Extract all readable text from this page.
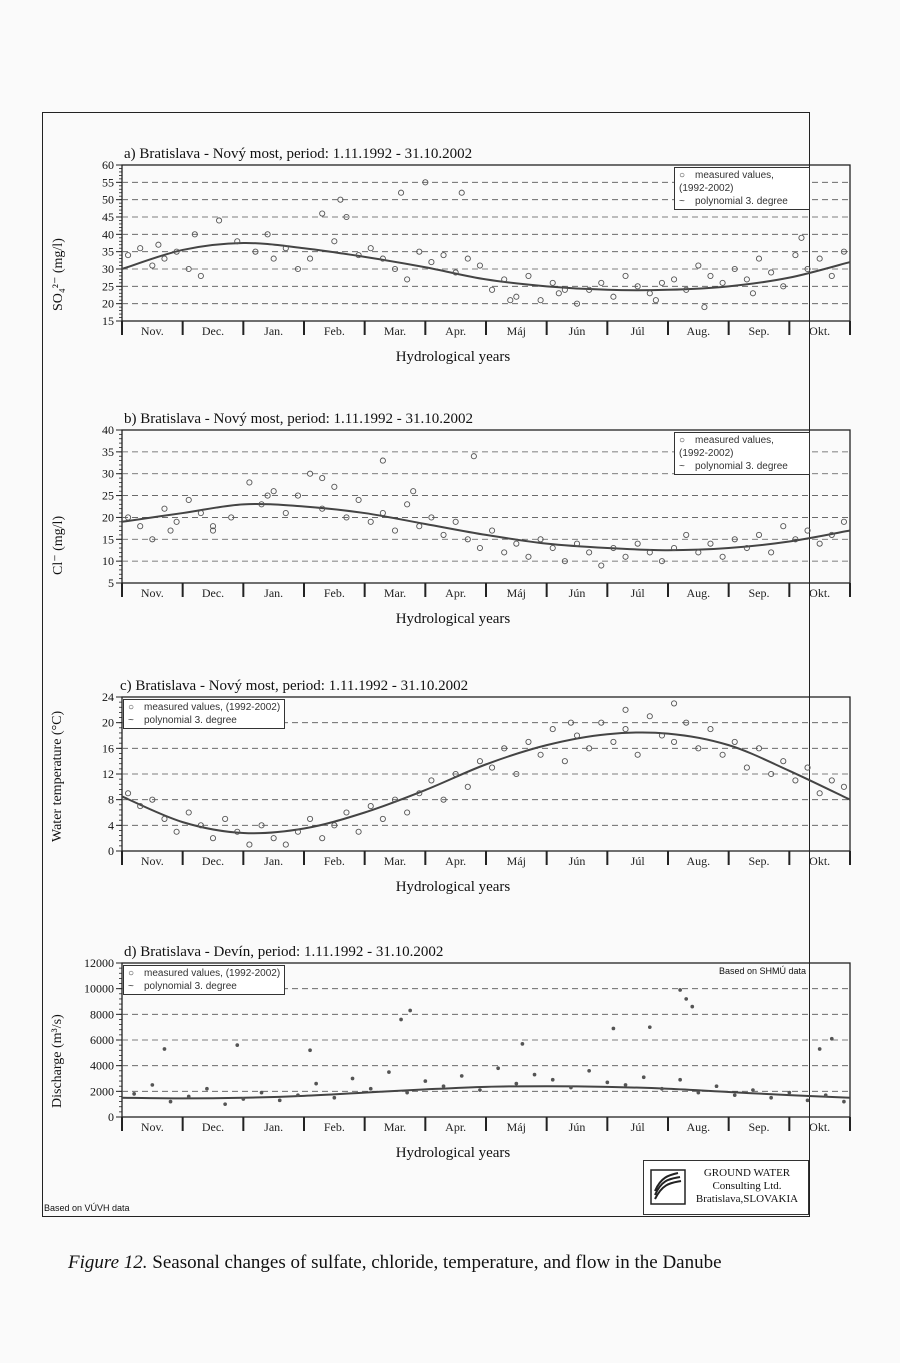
15
20
25
30
35
40
45
50
55
60
Nov.	Dec.	Jan.	Feb.	Mar.	Apr.	Máj	Jún	Júl	Aug.	Sep.	Okt.
a) Bratislava - Nový most, period: 1.11.1992 - 31.10.2002
Hydrological years
SO₄²⁻ (mg/l)
○ measured values, (1992-2002)
~ polynomial 3. degree
5
10
15
20
25
30
35
40
Nov.	Dec.	Jan.	Feb.	Mar.	Apr.	Máj	Jún	Júl	Aug.	Sep.	Okt.
b) Bratislava - Nový most, period: 1.11.1992 - 31.10.2002
Hydrological years
Cl⁻ (mg/l)
○ measured values, (1992-2002)
~ polynomial 3. degree
0
4
8
12
16
20
24
Nov.	Dec.	Jan.	Feb.	Mar.	Apr.	Máj	Jún	Júl	Aug.	Sep.	Okt.
c) Bratislava - Nový most, period: 1.11.1992 - 31.10.2002
Hydrological years
Water temperature (°C)
○ measured values, (1992-2002)
~ polynomial 3. degree
0
2000
4000
6000
8000
10000
12000
Nov.	Dec.	Jan.	Feb.	Mar.	Apr.	Máj	Jún	Júl	Aug.	Sep.	Okt.
d) Bratislava - Devín, period: 1.11.1992 - 31.10.2002
Hydrological years
Discharge (m³/s)
○ measured values, (1992-2002)
~ polynomial 3. degree
Based on SHMÚ data
Based on VÚVH data
GROUND WATER
Consulting Ltd.
Bratislava,SLOVAKIA
Figure 12. Seasonal changes of sulfate, chloride, temperature, and flow in the Danube
